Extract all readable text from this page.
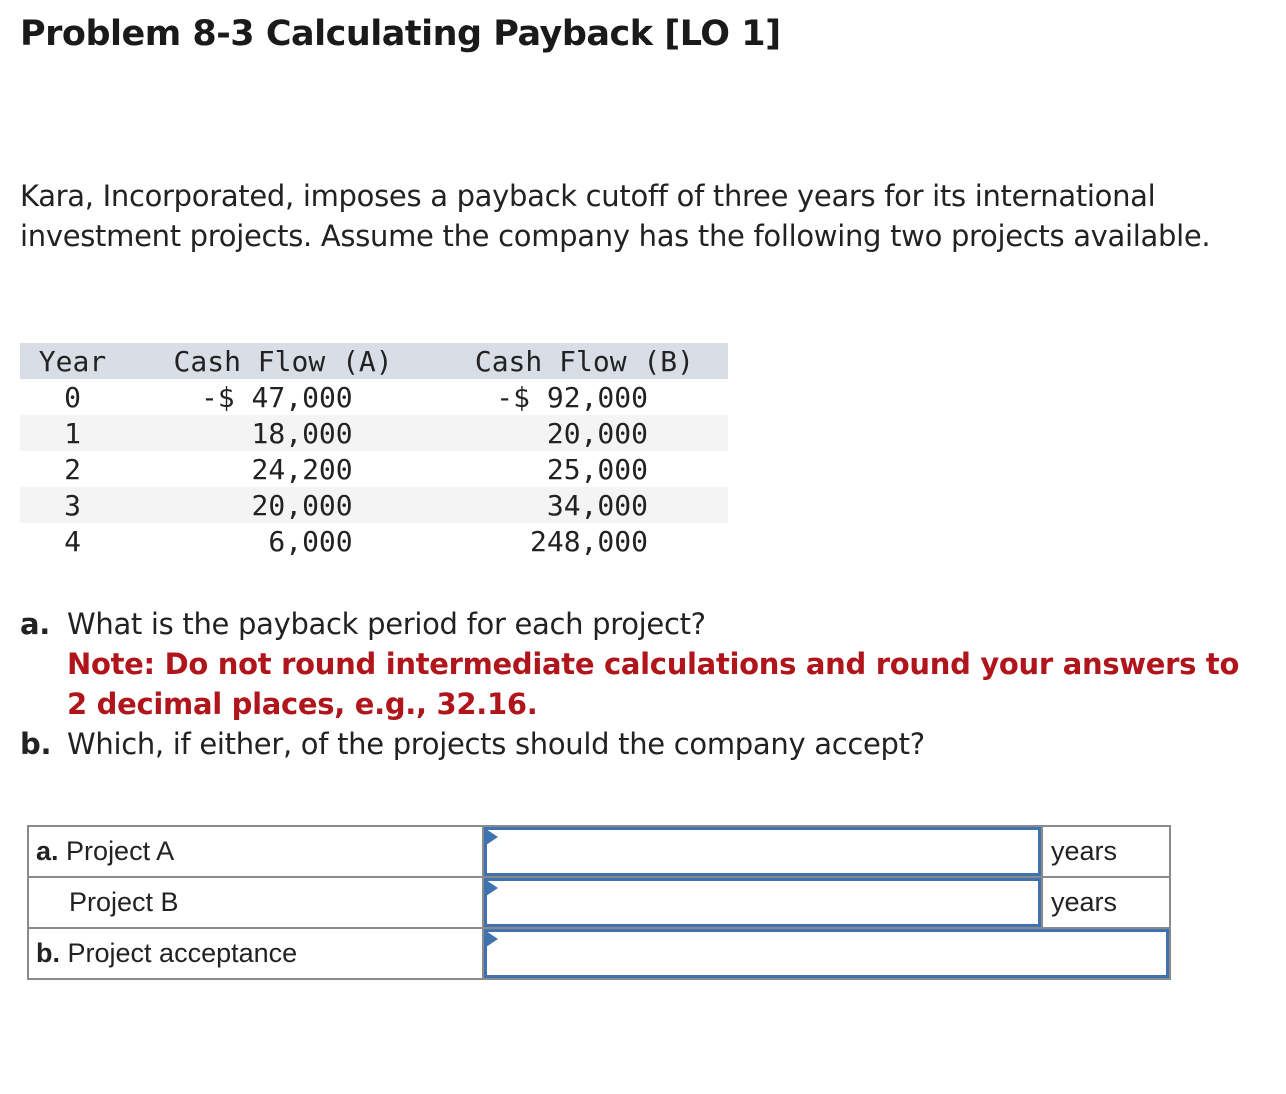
Problem 8-3 Calculating Payback [LO 1]
Kara, Incorporated, imposes a payback cutoff of three years for its international investment projects. Assume the company has the following two projects available.
Year	Cash Flow (A)	Cash Flow (B)
0	-$ 47,000	-$ 92,000
1	18,000	20,000
2	24,200	25,000
3	20,000	34,000
4	6,000	248,000
a. What is the payback period for each project?
Note: Do not round intermediate calculations and round your answers to 2 decimal places, e.g., 32.16.
b. Which, if either, of the projects should the company accept?
a. Project A		years
Project B		years
b. Project acceptance	
